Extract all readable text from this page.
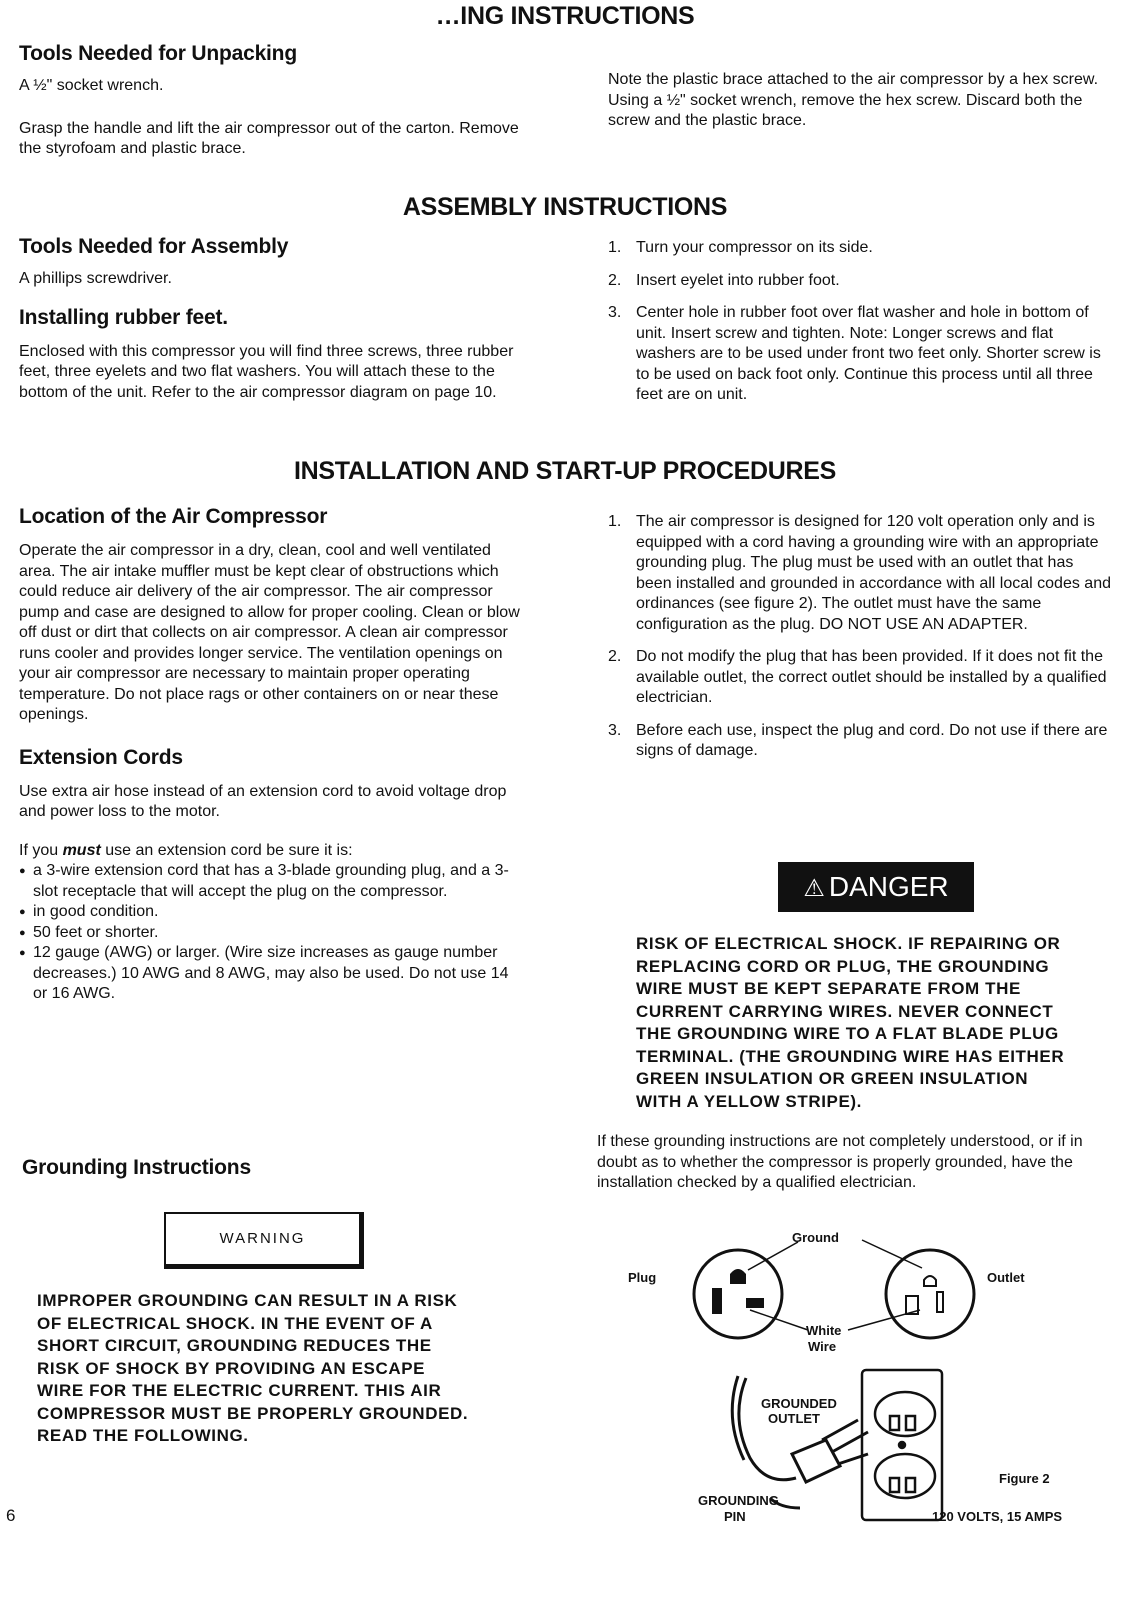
…ING INSTRUCTIONS
ASSEMBLY INSTRUCTIONS
INSTALLATION AND START-UP PROCEDURES
Tools Needed for Unpacking

A ½" socket wrench.

Grasp the handle and lift the air compressor out of the carton. Remove the styrofoam and plastic brace.

Note the plastic brace attached to the air compressor by a hex screw. Using a ½" socket wrench, remove the hex screw. Discard both the screw and the plastic brace.

Tools Needed for Assembly

A phillips screwdriver.

Installing rubber feet.

Enclosed with this compressor you will find three screws, three rubber feet, three eyelets and two flat washers. You will attach these to the bottom of the unit. Refer to the air compressor diagram on page 10.

1. Turn your compressor on its side.
2. Insert eyelet into rubber foot.
3. Center hole in rubber foot over flat washer and hole in bottom of unit. Insert screw and tighten. Note: Longer screws and flat washers are to be used under front two feet only. Shorter screw is to be used on back foot only. Continue this process until all three feet are on unit.
Location of the Air Compressor

Operate the air compressor in a dry, clean, cool and well ventilated area. The air intake muffler must be kept clear of obstructions which could reduce air delivery of the air compressor. The air compressor pump and case are designed to allow for proper cooling. Clean or blow off dust or dirt that collects on air compressor. A clean air compressor runs cooler and provides longer service. The ventilation openings on your air compressor are necessary to maintain proper operating temperature. Do not place rags or other containers on or near these openings.

Extension Cords

Use extra air hose instead of an extension cord to avoid voltage drop and power loss to the motor.

If you must use an extension cord be sure it is:

● a 3-wire extension cord that has a 3-blade grounding plug, and a 3-slot receptacle that will accept the plug on the compressor.
● in good condition.
● 50 feet or shorter.
● 12 gauge (AWG) or larger. (Wire size increases as gauge number decreases.) 10 AWG and 8 AWG, may also be used. Do not use 14 or 16 AWG.
Grounding Instructions
WARNING

IMPROPER GROUNDING CAN RESULT IN A RISK OF ELECTRICAL SHOCK. IN THE EVENT OF A SHORT CIRCUIT, GROUNDING REDUCES THE RISK OF SHOCK BY PROVIDING AN ESCAPE WIRE FOR THE ELECTRIC CURRENT. THIS AIR COMPRESSOR MUST BE PROPERLY GROUNDED. READ THE FOLLOWING.

1. The air compressor is designed for 120 volt operation only and is equipped with a cord having a grounding wire with an appropriate grounding plug. The plug must be used with an outlet that has been installed and grounded in accordance with all local codes and ordinances (see figure 2). The outlet must have the same configuration as the plug. DO NOT USE AN ADAPTER.
2. Do not modify the plug that has been provided. If it does not fit the available outlet, the correct outlet should be installed by a qualified electrician.
3. Before each use, inspect the plug and cord. Do not use if there are signs of damage.
⚠ DANGER

RISK OF ELECTRICAL SHOCK. IF REPAIRING OR REPLACING CORD OR PLUG, THE GROUNDING WIRE MUST BE KEPT SEPARATE FROM THE CURRENT CARRYING WIRES. NEVER CONNECT THE GROUNDING WIRE TO A FLAT BLADE PLUG TERMINAL. (THE GROUNDING WIRE HAS EITHER GREEN INSULATION OR GREEN INSULATION WITH A YELLOW STRIPE).

If these grounding instructions are not completely understood, or if in doubt as to whether the compressor is properly grounded, have the installation checked by a qualified electrician.

Ground
Plug	Outlet
White
Wire
GROUNDED
OUTLET
GROUNDING
PIN
Figure 2
120 VOLTS, 15 AMPS
6
